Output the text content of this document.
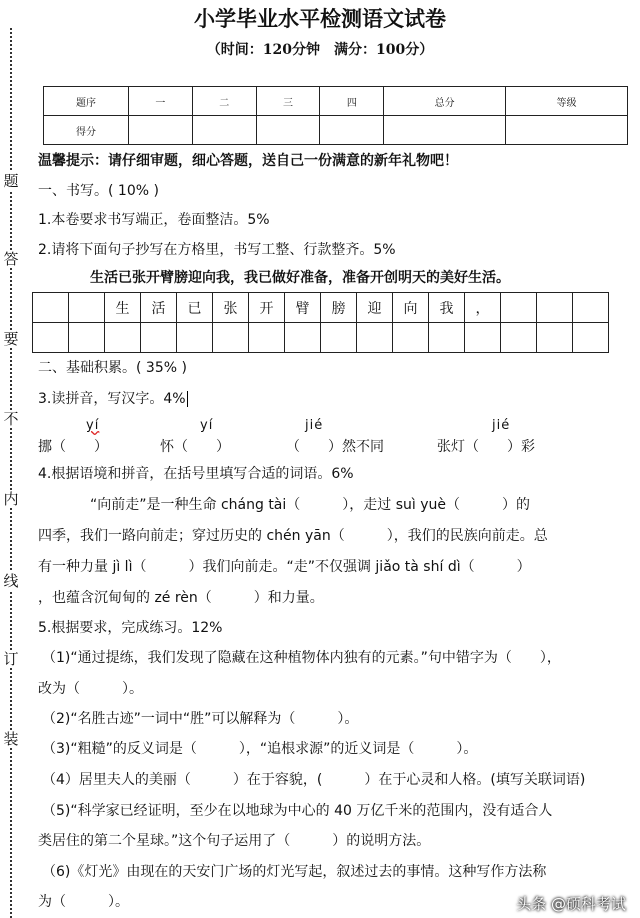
题
答
要
不
内
线
订
装
小学毕业水平检测语文试卷
（时间：120分钟　满分：100分）
题序	一	二	三	四	总分	等级
得分						
温馨提示：请仔细审题，细心答题，送自己一份满意的新年礼物吧！
一、书写。( 10% )
1.本卷要求书写端正，卷面整洁。5%
2.请将下面句子抄写在方格里，书写工整、行款整齐。5%
生活已张开臂膀迎向我，我已做好准备，准备开创明天的美好生活。
		生	活	已	张	开	臂	膀	迎	向	我	，			

二、基础积累。( 35% )
3.读拼音，写汉字。4%
yí	yí	jié	jié
挪（　　）	怀（　　）	（　　）然不同	张灯（　　）彩
4.根据语境和拼音，在括号里填写合适的词语。6%
“向前走”是一种生命 cháng tài（　　　），走过 suì yuè（　　　）的
四季，我们一路向前走；穿过历史的 chén yān（　　　），我们的民族向前走。总
有一种力量 jì lì（　　　）我们向前走。“走”不仅强调 jiǎo tà shí dì（　　　）
，也蕴含沉甸甸的 zé rèn（　　　）和力量。
5.根据要求，完成练习。12%
（1)“通过提练，我们发现了隐藏在这种植物体内独有的元素。”句中错字为（　　），
改为（　　　）。
（2)“名胜古迹”一词中“胜”可以解释为（　　　）。
（3)“粗糙”的反义词是（　　　），“追根求源”的近义词是（　　　）。
（4）居里夫人的美丽（　　　）在于容貌，(　　　）在于心灵和人格。(填写关联词语)
（5)“科学家已经证明，至少在以地球为中心的 40 万亿千米的范围内，没有适合人
类居住的第二个星球。”这个句子运用了（　　　）的说明方法。
（6)《灯光》由现在的天安门广场的灯光写起，叙述过去的事情。这种写作方法称
为（　　　）。	头条 @硕科考试
